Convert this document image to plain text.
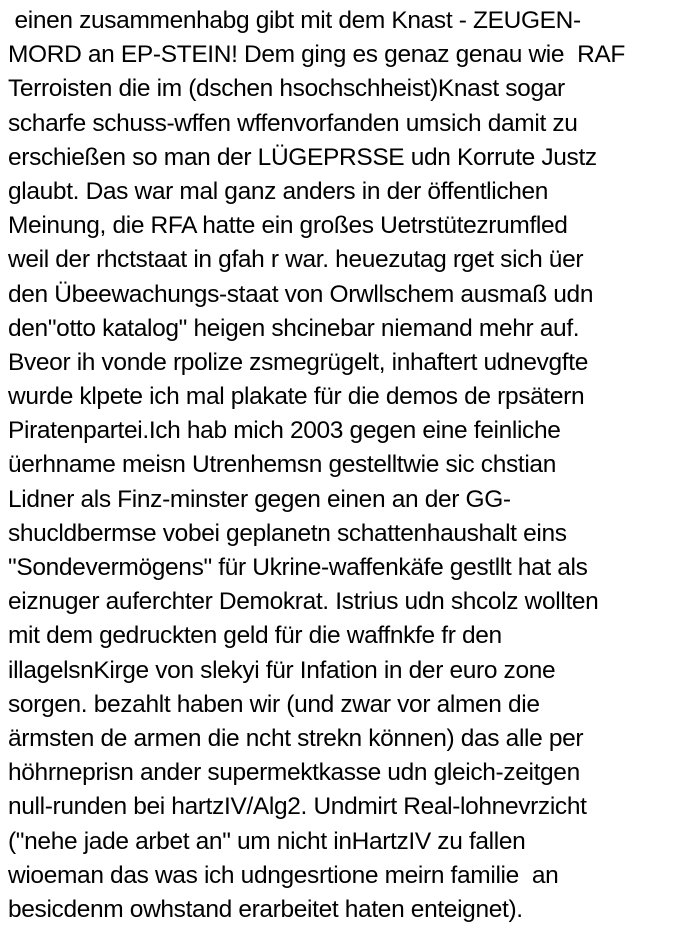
einen zusammenhabg gibt mit dem Knast - ZEUGEN-
MORD an EP-STEIN! Dem ging es genaz genau wie  RAF
Terroisten die im (dschen hsochschheist)Knast sogar
scharfe schuss-wffen wffenvorfanden umsich damit zu
erschießen so man der LÜGEPRSSE udn Korrute Justz
glaubt. Das war mal ganz anders in der öffentlichen
Meinung, die RFA hatte ein großes Uetrstütezrumfled
weil der rhctstaat in gfah r war. heuezutag rget sich üer
den Übeewachungs-staat von Orwllschem ausmaß udn
den"otto katalog" heigen shcinebar niemand mehr auf.
Bveor ih vonde rpolize zsmegrügelt, inhaftert udnevgfte
wurde klpete ich mal plakate für die demos de rpsätern
Piratenpartei.Ich hab mich 2003 gegen eine feinliche
üerhname meisn Utrenhemsn gestelltwie sic chstian
Lidner als Finz-minster gegen einen an der GG-
shucldbermse vobei geplanetn schattenhaushalt eins
"Sondevermögens" für Ukrine-waffenkäfe gestllt hat als
eiznuger auferchter Demokrat. Istrius udn shcolz wollten
mit dem gedruckten geld für die waffnkfe fr den
illagelsnKirge von slekyi für Infation in der euro zone
sorgen. bezahlt haben wir (und zwar vor almen die
ärmsten de armen die ncht strekn können) das alle per
höhrneprisn ander supermektkasse udn gleich-zeitgen
null-runden bei hartzIV/Alg2. Undmirt Real-lohnevrzicht
("nehe jade arbet an" um nicht inHartzIV zu fallen
wioeman das was ich udngesrtione meirn familie  an
besicdenm owhstand erarbeitet haten enteignet).
